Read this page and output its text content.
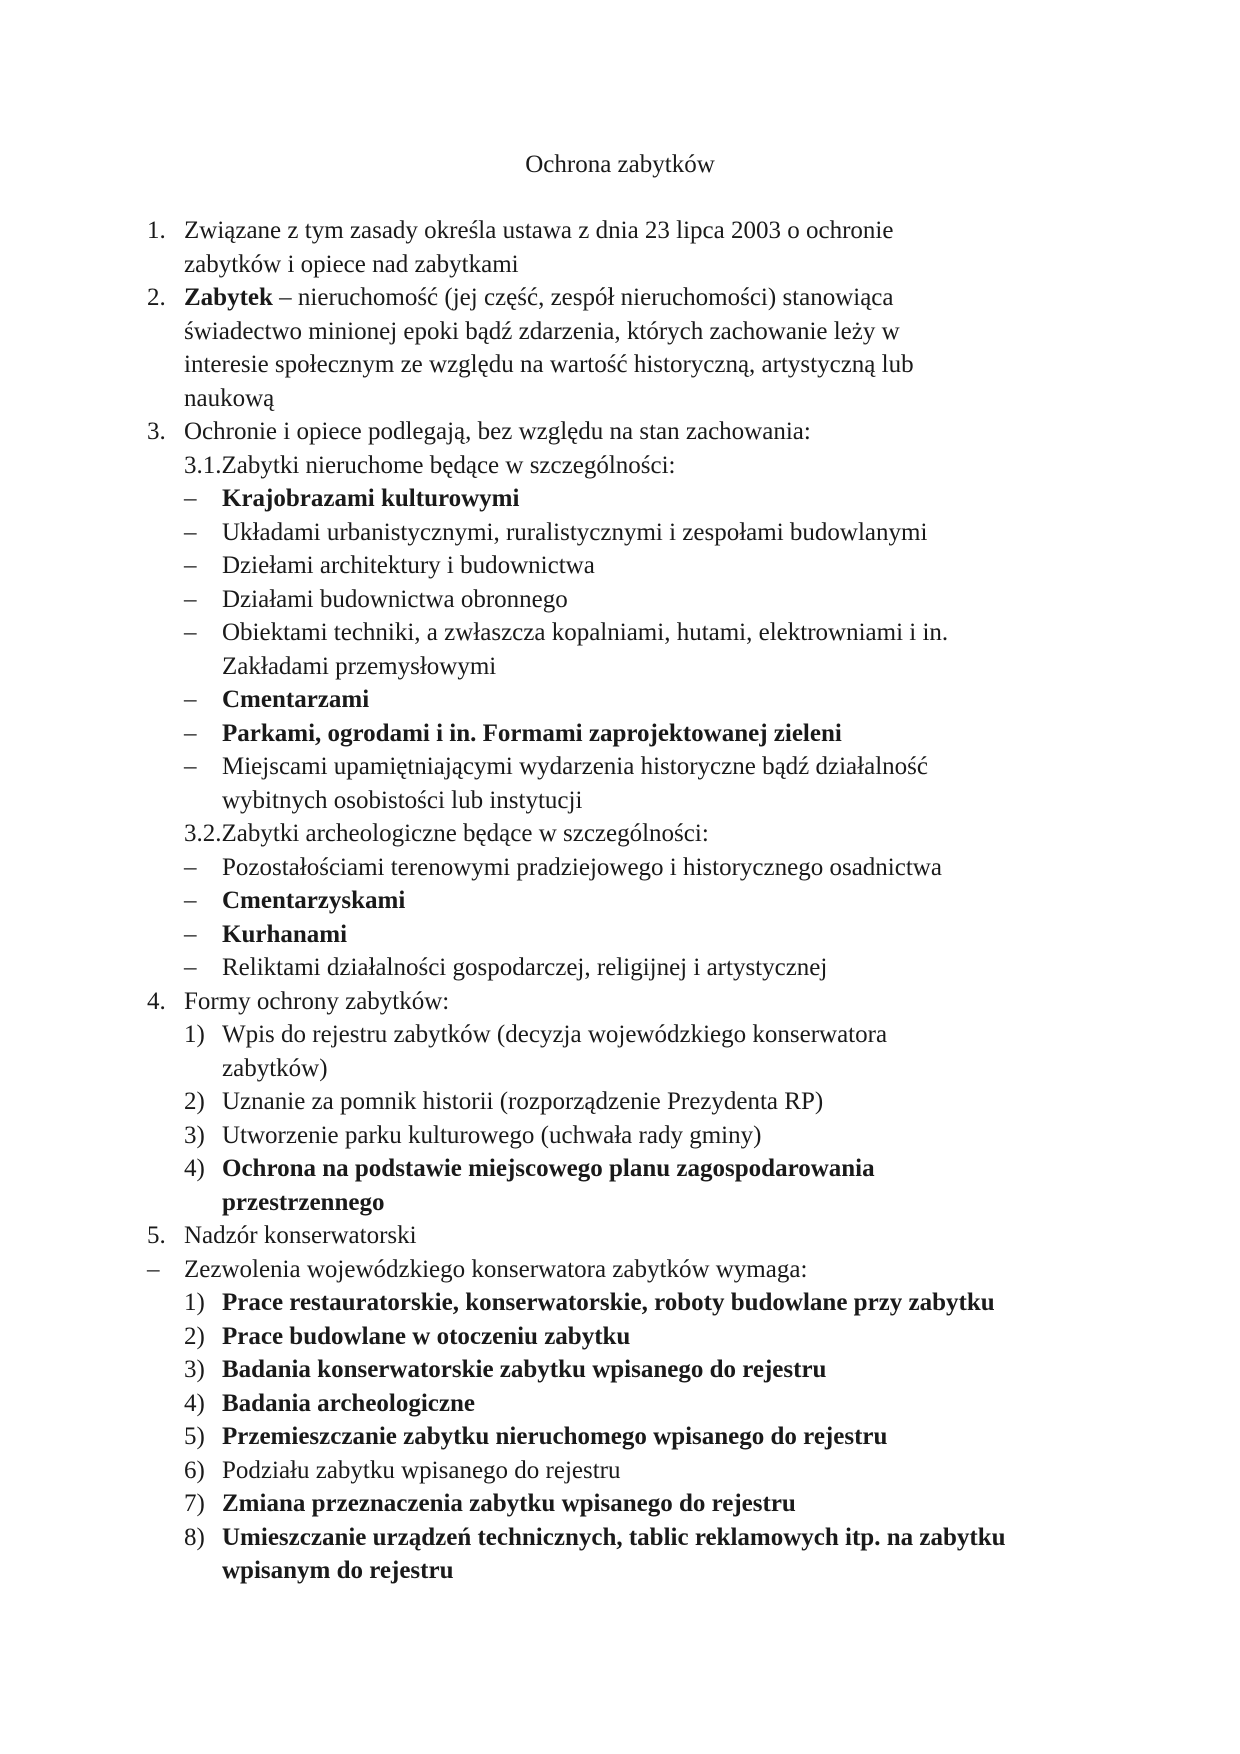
Ochrona zabytków
1. Związane z tym zasady określa ustawa z dnia 23 lipca 2003 o ochronie
zabytków i opiece nad zabytkami
2. Zabytek – nieruchomość (jej część, zespół nieruchomości) stanowiąca
świadectwo minionej epoki bądź zdarzenia, których zachowanie leży w
interesie społecznym ze względu na wartość historyczną, artystyczną lub
naukową
3. Ochronie i opiece podlegają, bez względu na stan zachowania:
3.1.Zabytki nieruchome będące w szczególności:
– Krajobrazami kulturowymi
– Układami urbanistycznymi, ruralistycznymi i zespołami budowlanymi
– Dziełami architektury i budownictwa
– Działami budownictwa obronnego
– Obiektami techniki, a zwłaszcza kopalniami, hutami, elektrowniami i in.
Zakładami przemysłowymi
– Cmentarzami
– Parkami, ogrodami i in. Formami zaprojektowanej zieleni
– Miejscami upamiętniającymi wydarzenia historyczne bądź działalność
wybitnych osobistości lub instytucji
3.2.Zabytki archeologiczne będące w szczególności:
– Pozostałościami terenowymi pradziejowego i historycznego osadnictwa
– Cmentarzyskami
– Kurhanami
– Reliktami działalności gospodarczej, religijnej i artystycznej
4. Formy ochrony zabytków:
1) Wpis do rejestru zabytków (decyzja wojewódzkiego konserwatora
zabytków)
2) Uznanie za pomnik historii (rozporządzenie Prezydenta RP)
3) Utworzenie parku kulturowego (uchwała rady gminy)
4) Ochrona na podstawie miejscowego planu zagospodarowania
przestrzennego
5. Nadzór konserwatorski
– Zezwolenia wojewódzkiego konserwatora zabytków wymaga:
1) Prace restauratorskie, konserwatorskie, roboty budowlane przy zabytku
2) Prace budowlane w otoczeniu zabytku
3) Badania konserwatorskie zabytku wpisanego do rejestru
4) Badania archeologiczne
5) Przemieszczanie zabytku nieruchomego wpisanego do rejestru
6) Podziału zabytku wpisanego do rejestru
7) Zmiana przeznaczenia zabytku wpisanego do rejestru
8) Umieszczanie urządzeń technicznych, tablic reklamowych itp. na zabytku
wpisanym do rejestru
